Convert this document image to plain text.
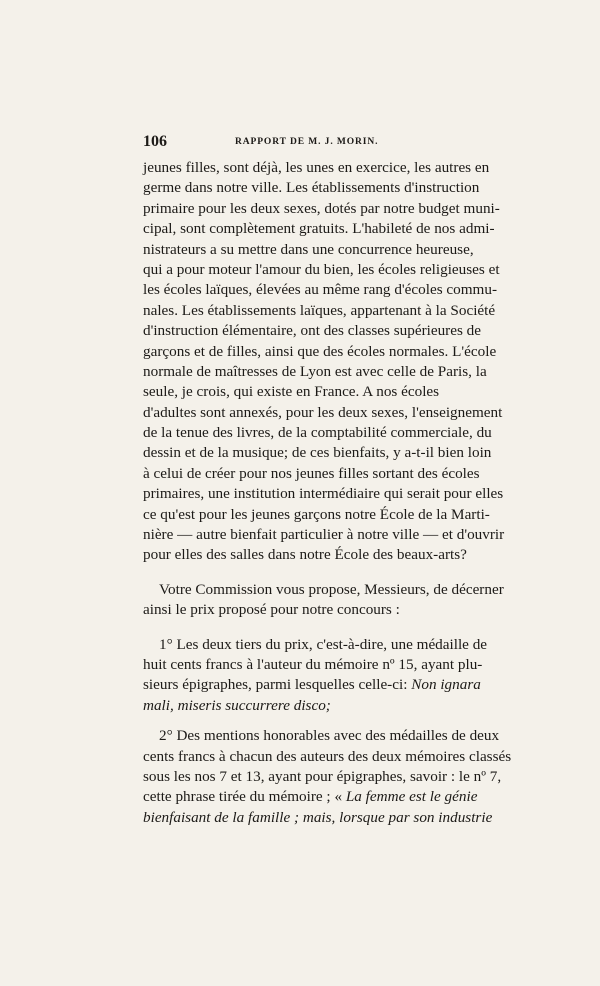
106	RAPPORT DE M. J. MORIN.
jeunes filles, sont déjà, les unes en exercice, les autres en
germe dans notre ville. Les établissements d'instruction
primaire pour les deux sexes, dotés par notre budget muni-
cipal, sont complètement gratuits. L'habileté de nos admi-
nistrateurs a su mettre dans une concurrence heureuse,
qui a pour moteur l'amour du bien, les écoles religieuses et
les écoles laïques, élevées au même rang d'écoles commu-
nales. Les établissements laïques, appartenant à la Société
d'instruction élémentaire, ont des classes supérieures de
garçons et de filles, ainsi que des écoles normales. L'école
normale de maîtresses de Lyon est avec celle de Paris, la
seule, je crois, qui existe en France. A nos écoles
d'adultes sont annexés, pour les deux sexes, l'enseignement
de la tenue des livres, de la comptabilité commerciale, du
dessin et de la musique; de ces bienfaits, y a-t-il bien loin
à celui de créer pour nos jeunes filles sortant des écoles
primaires, une institution intermédiaire qui serait pour elles
ce qu'est pour les jeunes garçons notre École de la Marti-
nière — autre bienfait particulier à notre ville — et d'ouvrir
pour elles des salles dans notre École des beaux-arts?
Votre Commission vous propose, Messieurs, de décerner
ainsi le prix proposé pour notre concours :
1° Les deux tiers du prix, c'est-à-dire, une médaille de
huit cents francs à l'auteur du mémoire nº 15, ayant plu-
sieurs épigraphes, parmi lesquelles celle-ci: Non ignara
mali, miseris succurrere disco;
2° Des mentions honorables avec des médailles de deux
cents francs à chacun des auteurs des deux mémoires classés
sous les nos 7 et 13, ayant pour épigraphes, savoir : le nº 7,
cette phrase tirée du mémoire ; « La femme est le génie
bienfaisant de la famille ; mais, lorsque par son industrie
